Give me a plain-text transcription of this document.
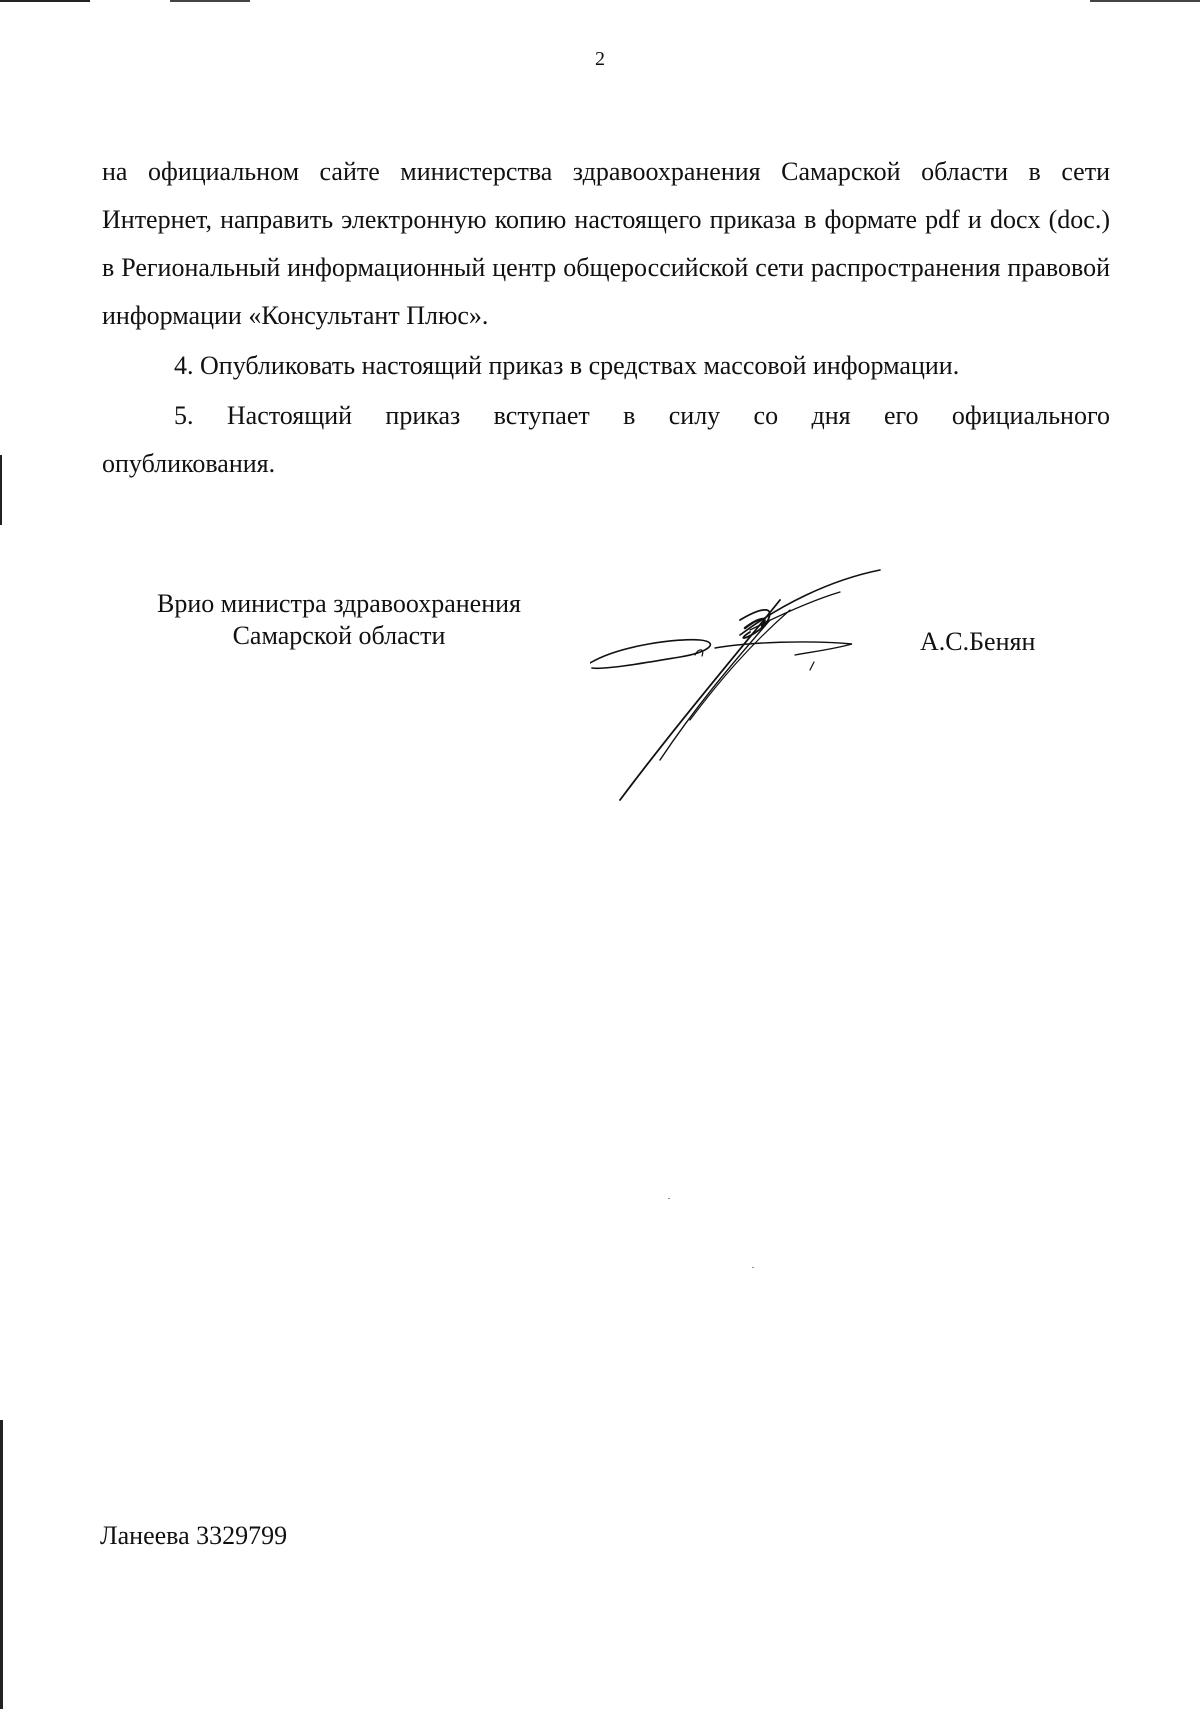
2

на официальном сайте министерства здравоохранения Самарской области в сети Интернет, направить электронную копию настоящего приказа в формате pdf и docx (doc.) в Региональный информационный центр общероссийской сети распространения правовой информации «Консультант Плюс».

4. Опубликовать настоящий приказ в средствах массовой информации.

5. Настоящий приказ вступает в силу со дня его официального
опубликования.

Врио министра здравоохранения
Самарской области	А.С.Бенян
Ланеева 3329799
